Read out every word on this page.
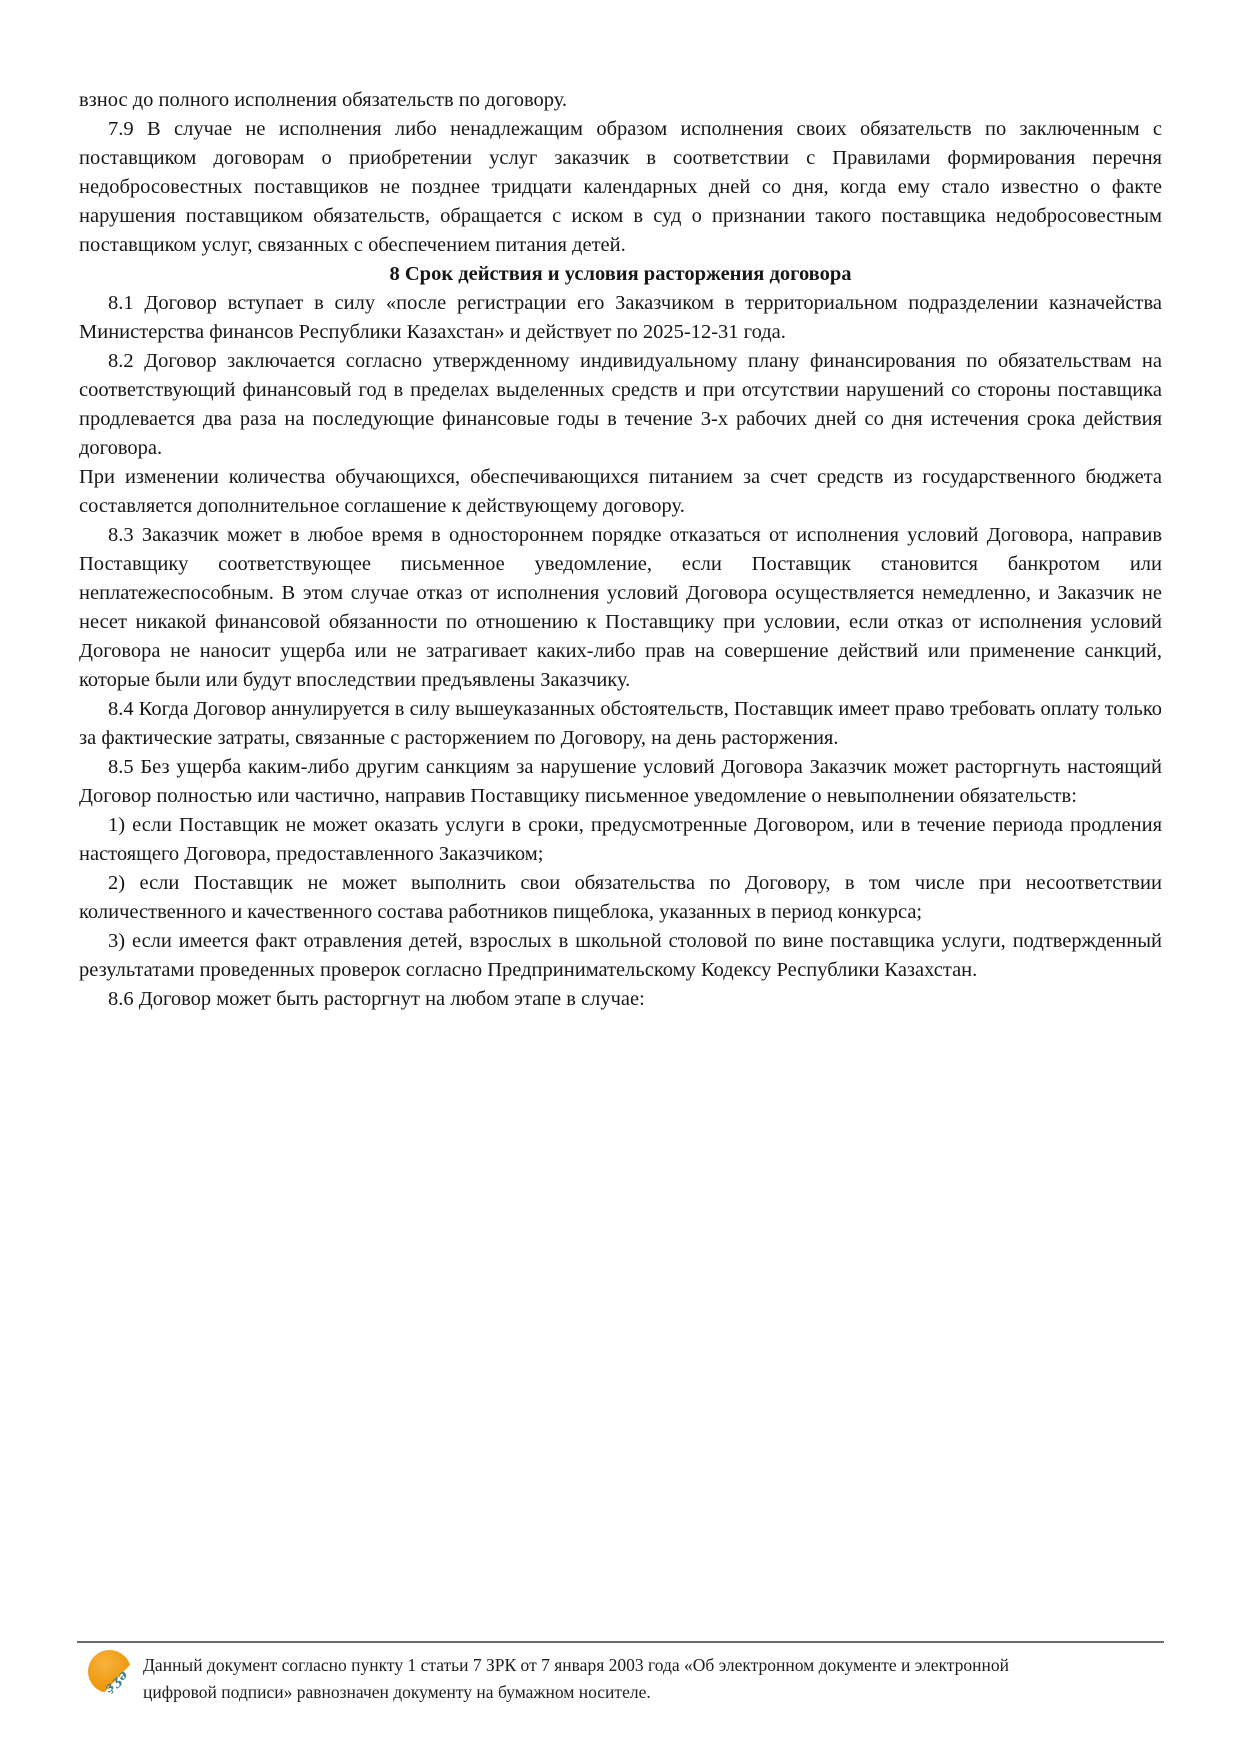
взнос до полного исполнения обязательств по договору.

7.9 В случае не исполнения либо ненадлежащим образом исполнения своих обязательств по заключенным с поставщиком договорам о приобретении услуг заказчик в соответствии с Правилами формирования перечня недобросовестных поставщиков не позднее тридцати календарных дней со дня, когда ему стало известно о факте нарушения поставщиком обязательств, обращается с иском в суд о признании такого поставщика недобросовестным поставщиком услуг, связанных с обеспечением питания детей.

8 Срок действия и условия расторжения договора

8.1 Договор вступает в силу «после регистрации его Заказчиком в территориальном подразделении казначейства Министерства финансов Республики Казахстан» и действует по 2025-12-31 года.

8.2 Договор заключается согласно утвержденному индивидуальному плану финансирования по обязательствам на соответствующий финансовый год в пределах выделенных средств и при отсутствии нарушений со стороны поставщика продлевается два раза на последующие финансовые годы в течение 3-х рабочих дней со дня истечения срока действия договора.

При изменении количества обучающихся, обеспечивающихся питанием за счет средств из государственного бюджета составляется дополнительное соглашение к действующему договору.

8.3 Заказчик может в любое время в одностороннем порядке отказаться от исполнения условий Договора, направив Поставщику соответствующее письменное уведомление, если Поставщик становится банкротом или неплатежеспособным. В этом случае отказ от исполнения условий Договора осуществляется немедленно, и Заказчик не несет никакой финансовой обязанности по отношению к Поставщику при условии, если отказ от исполнения условий Договора не наносит ущерба или не затрагивает каких-либо прав на совершение действий или применение санкций, которые были или будут впоследствии предъявлены Заказчику.

8.4 Когда Договор аннулируется в силу вышеуказанных обстоятельств, Поставщик имеет право требовать оплату только за фактические затраты, связанные с расторжением по Договору, на день расторжения.

8.5 Без ущерба каким-либо другим санкциям за нарушение условий Договора Заказчик может расторгнуть настоящий Договор полностью или частично, направив Поставщику письменное уведомление о невыполнении обязательств:

1) если Поставщик не может оказать услуги в сроки, предусмотренные Договором, или в течение периода продления настоящего Договора, предоставленного Заказчиком;

2) если Поставщик не может выполнить свои обязательства по Договору, в том числе при несоответствии количественного и качественного состава работников пищеблока, указанных в период конкурса;

3) если имеется факт отравления детей, взрослых в школьной столовой по вине поставщика услуги, подтвержденный результатами проведенных проверок согласно Предпринимательскому Кодексу Республики Казахстан.

8.6 Договор может быть расторгнут на любом этапе в случае:

ҙӡә
Данный документ согласно пункту 1 статьи 7 ЗРК от 7 января 2003 года «Об электронном документе и электронной цифровой подписи» равнозначен документу на бумажном носителе.
